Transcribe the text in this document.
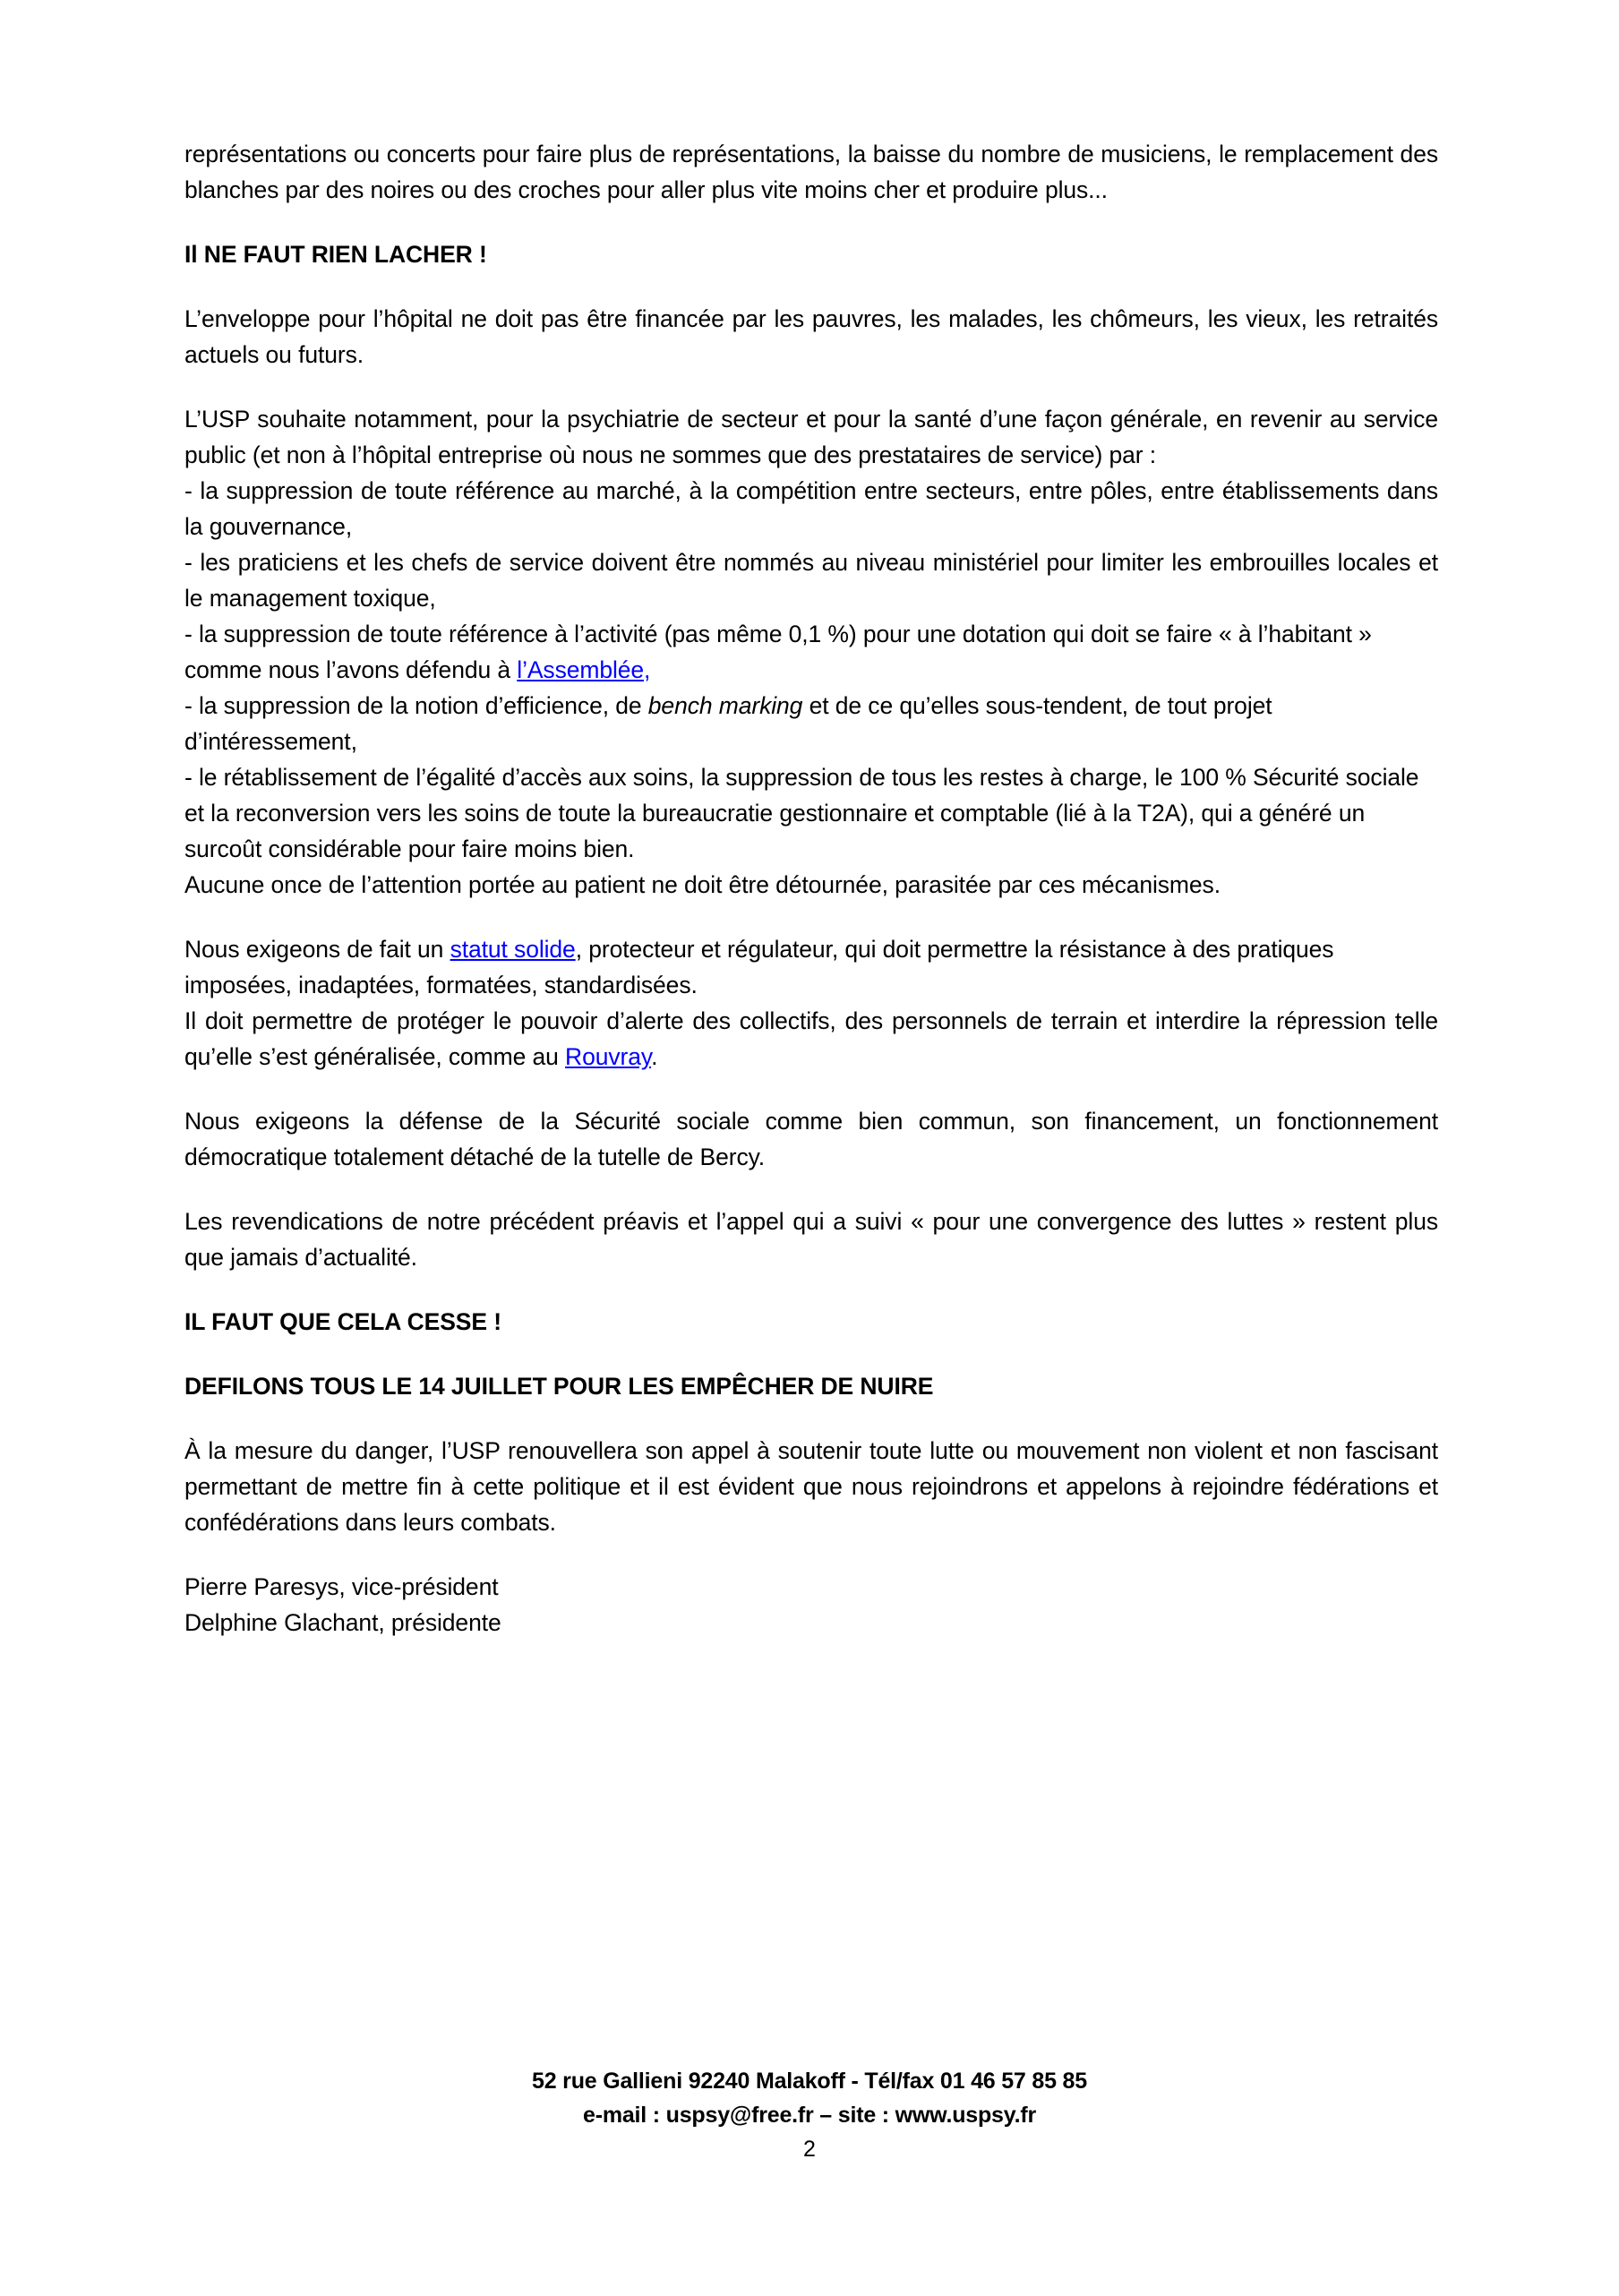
représentations ou concerts pour faire plus de représentations, la baisse du nombre de musiciens, le remplacement des blanches par des noires ou des croches pour aller plus vite moins cher et produire plus...

Il NE FAUT RIEN LACHER !

L’enveloppe pour l’hôpital ne doit pas être financée par les pauvres, les malades, les chômeurs, les vieux, les retraités actuels ou futurs.

L’USP souhaite notamment, pour la psychiatrie de secteur et pour la santé d’une façon générale, en revenir au service public (et non à l’hôpital entreprise où nous ne sommes que des prestataires de service) par :
- la suppression de toute référence au marché, à la compétition entre secteurs, entre pôles, entre établissements dans la gouvernance,
- les praticiens et les chefs de service doivent être nommés au niveau ministériel pour limiter les embrouilles locales et le management toxique,
- la suppression de toute référence à l’activité (pas même 0,1 %) pour une dotation qui doit se faire « à l’habitant » comme nous l’avons défendu à l’Assemblée,
- la suppression de la notion d’efficience, de bench marking et de ce qu’elles sous-tendent, de tout projet d’intéressement,
- le rétablissement de l’égalité d’accès aux soins, la suppression de tous les restes à charge, le 100 % Sécurité sociale et la reconversion vers les soins de toute la bureaucratie gestionnaire et comptable (lié à la T2A), qui a généré un surcoût considérable pour faire moins bien.
Aucune once de l’attention portée au patient ne doit être détournée, parasitée par ces mécanismes.
Nous exigeons de fait un statut solide, protecteur et régulateur, qui doit permettre la résistance à des pratiques imposées, inadaptées, formatées, standardisées.
Il doit permettre de protéger le pouvoir d’alerte des collectifs, des personnels de terrain et interdire la répression telle qu’elle s’est généralisée, comme au Rouvray.

Nous exigeons la défense de la Sécurité sociale comme bien commun, son financement, un fonctionnement démocratique totalement détaché de la tutelle de Bercy.

Les revendications de notre précédent préavis et l’appel qui a suivi « pour une convergence des luttes » restent plus que jamais d’actualité.

IL FAUT QUE CELA CESSE !

DEFILONS TOUS LE 14 JUILLET POUR LES EMPÊCHER DE NUIRE

À la mesure du danger, l’USP renouvellera son appel à soutenir toute lutte ou mouvement non violent et non fascisant permettant de mettre fin à cette politique et il est évident que nous rejoindrons et appelons à rejoindre fédérations et confédérations dans leurs combats.

Pierre Paresys, vice-président

Delphine Glachant, présidente

52 rue Gallieni 92240 Malakoff - Tél/fax 01 46 57 85 85
e-mail : uspsy@free.fr – site : www.uspsy.fr
2
